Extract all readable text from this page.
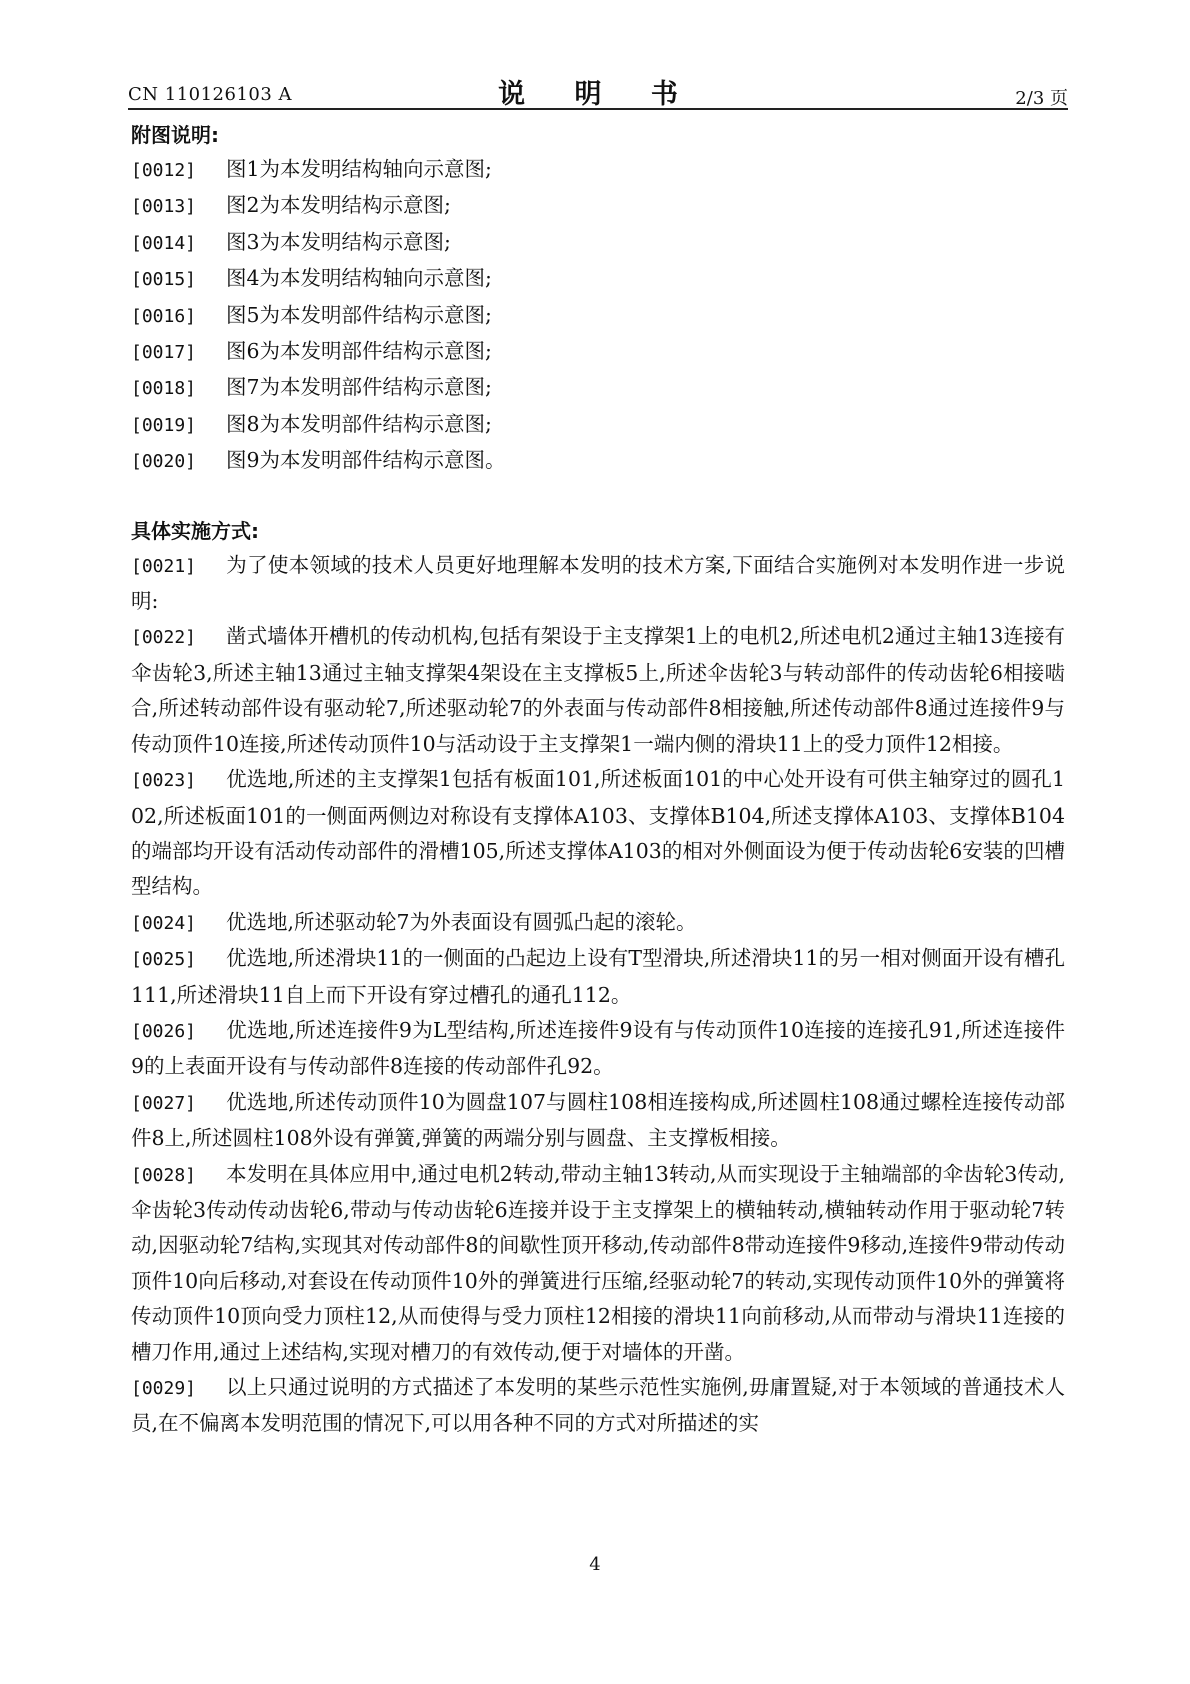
CN 110126103 A	说 明 书	2/3 页
附图说明:
[0012] 图1为本发明结构轴向示意图;
[0013] 图2为本发明结构示意图;
[0014] 图3为本发明结构示意图;
[0015] 图4为本发明结构轴向示意图;
[0016] 图5为本发明部件结构示意图;
[0017] 图6为本发明部件结构示意图;
[0018] 图7为本发明部件结构示意图;
[0019] 图8为本发明部件结构示意图;
[0020] 图9为本发明部件结构示意图。
具体实施方式:
[0021] 为了使本领域的技术人员更好地理解本发明的技术方案,下面结合实施例对本发明作进一步说明:
[0022] 凿式墙体开槽机的传动机构,包括有架设于主支撑架1上的电机2,所述电机2通过主轴13连接有伞齿轮3,所述主轴13通过主轴支撑架4架设在主支撑板5上,所述伞齿轮3与转动部件的传动齿轮6相接啮合,所述转动部件设有驱动轮7,所述驱动轮7的外表面与传动部件8相接触,所述传动部件8通过连接件9与传动顶件10连接,所述传动顶件10与活动设于主支撑架1一端内侧的滑块11上的受力顶件12相接。
[0023] 优选地,所述的主支撑架1包括有板面101,所述板面101的中心处开设有可供主轴穿过的圆孔102,所述板面101的一侧面两侧边对称设有支撑体A103、支撑体B104,所述支撑体A103、支撑体B104的端部均开设有活动传动部件的滑槽105,所述支撑体A103的相对外侧面设为便于传动齿轮6安装的凹槽型结构。
[0024] 优选地,所述驱动轮7为外表面设有圆弧凸起的滚轮。
[0025] 优选地,所述滑块11的一侧面的凸起边上设有T型滑块,所述滑块11的另一相对侧面开设有槽孔111,所述滑块11自上而下开设有穿过槽孔的通孔112。
[0026] 优选地,所述连接件9为L型结构,所述连接件9设有与传动顶件10连接的连接孔91,所述连接件9的上表面开设有与传动部件8连接的传动部件孔92。
[0027] 优选地,所述传动顶件10为圆盘107与圆柱108相连接构成,所述圆柱108通过螺栓连接传动部件8上,所述圆柱108外设有弹簧,弹簧的两端分别与圆盘、主支撑板相接。
[0028] 本发明在具体应用中,通过电机2转动,带动主轴13转动,从而实现设于主轴端部的伞齿轮3传动,伞齿轮3传动传动齿轮6,带动与传动齿轮6连接并设于主支撑架上的横轴转动,横轴转动作用于驱动轮7转动,因驱动轮7结构,实现其对传动部件8的间歇性顶开移动,传动部件8带动连接件9移动,连接件9带动传动顶件10向后移动,对套设在传动顶件10外的弹簧进行压缩,经驱动轮7的转动,实现传动顶件10外的弹簧将传动顶件10顶向受力顶柱12,从而使得与受力顶柱12相接的滑块11向前移动,从而带动与滑块11连接的槽刀作用,通过上述结构,实现对槽刀的有效传动,便于对墙体的开凿。
[0029] 以上只通过说明的方式描述了本发明的某些示范性实施例,毋庸置疑,对于本领域的普通技术人员,在不偏离本发明范围的情况下,可以用各种不同的方式对所描述的实
4
